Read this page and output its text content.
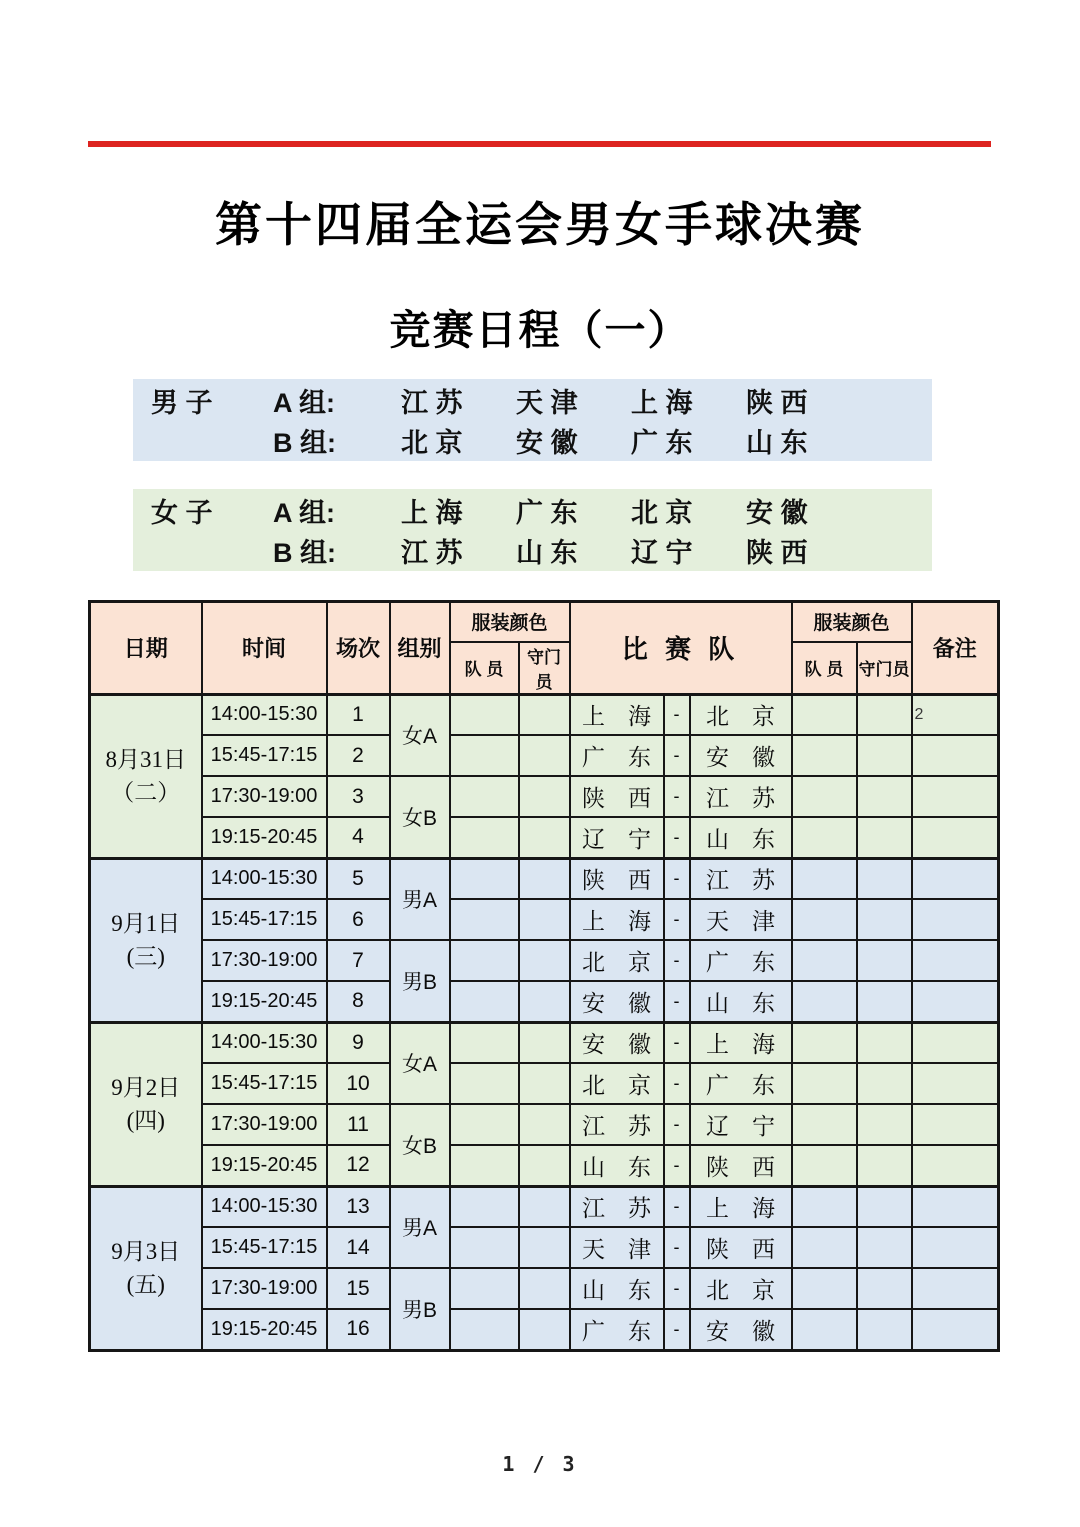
第十四届全运会男女手球决赛
竞赛日程（一）
男 子	A 组:	江 苏	天 津	上 海	陕 西
B 组:	北 京	安 徽	广 东	山 东
女 子	A 组:	上 海	广 东	北 京	安 徽
B 组:	江 苏	山 东	辽 宁	陕 西
日期	时间	场次	组别	服装颜色		比 赛 队			服装颜色		备注
				队 员	守门员				队 员	守门员	

8月31日
（二）	14:00-15:30	1	女A			上　海	-	北　京			2
	15:45-17:15	2				广　东	-	安　徽			
	17:30-19:00	3	女B			陕　西	-	江　苏			
	19:15-20:45	4				辽　宁	-	山　东			

9月1日
(三)	14:00-15:30	5	男A			陕　西	-	江　苏			
	15:45-17:15	6				上　海	-	天　津			
	17:30-19:00	7	男B			北　京	-	广　东			
	19:15-20:45	8				安　徽	-	山　东			

9月2日
(四)	14:00-15:30	9	女A			安　徽	-	上　海			
	15:45-17:15	10				北　京	-	广　东			
	17:30-19:00	11	女B			江　苏	-	辽　宁			
	19:15-20:45	12				山　东	-	陕　西			

9月3日
(五)	14:00-15:30	13	男A			江　苏	-	上　海			
	15:45-17:15	14				天　津	-	陕　西			
	17:30-19:00	15	男B			山　东	-	北　京			
	19:15-20:45	16				广　东	-	安　徽			
1 / 3
